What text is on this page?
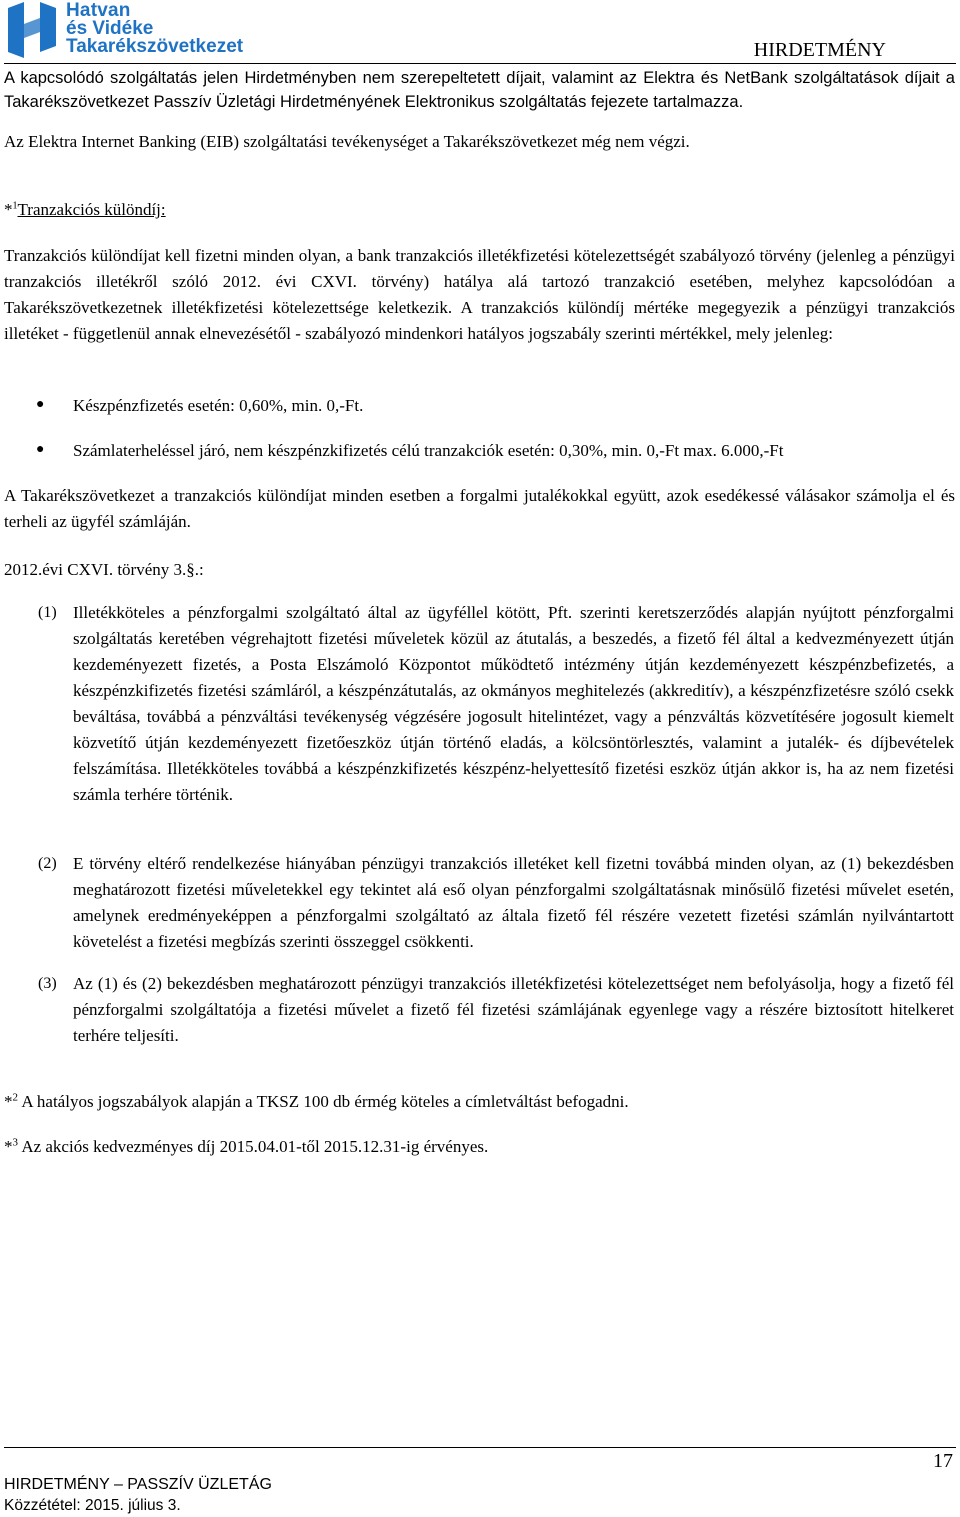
Hatvan
és Vidéke
Takarékszövetkezet	HIRDETMÉNY
A kapcsolódó szolgáltatás jelen Hirdetményben nem szerepeltetett díjait, valamint az Elektra és NetBank szolgáltatások díjait a Takarékszövetkezet Passzív Üzletági Hirdetményének Elektronikus szolgáltatás fejezete tartalmazza.
Az Elektra Internet Banking (EIB) szolgáltatási tevékenységet a Takarékszövetkezet még nem végzi.
*$^1$Tranzakciós különdíj:
Tranzakciós különdíjat kell fizetni minden olyan, a bank tranzakciós illetékfizetési kötelezettségét szabályozó törvény (jelenleg a pénzügyi tranzakciós illetékről szóló 2012. évi CXVI. törvény) hatálya alá tartozó tranzakció esetében, melyhez kapcsolódóan a Takarékszövetkezetnek illetékfizetési kötelezettsége keletkezik. A tranzakciós különdíj mértéke megegyezik a pénzügyi tranzakciós illetéket - függetlenül annak elnevezésétől - szabályozó mindenkori hatályos jogszabály szerinti mértékkel, mely jelenleg:
● Készpénzfizetés esetén: 0,60%, min. 0,-Ft.
● Számlaterheléssel járó, nem készpénzkifizetés célú tranzakciók esetén: 0,30%, min. 0,-Ft max. 6.000,-Ft
A Takarékszövetkezet a tranzakciós különdíjat minden esetben a forgalmi jutalékokkal együtt, azok esedékessé válásakor számolja el és terheli az ügyfél számláján.
2012.évi CXVI. törvény 3.§.:
(1) Illetékköteles a pénzforgalmi szolgáltató által az ügyféllel kötött, Pft. szerinti keretszerződés alapján nyújtott pénzforgalmi szolgáltatás keretében végrehajtott fizetési műveletek közül az átutalás, a beszedés, a fizető fél által a kedvezményezett útján kezdeményezett fizetés, a Posta Elszámoló Központot működtető intézmény útján kezdeményezett készpénzbefizetés, a készpénzkifizetés fizetési számláról, a készpénzátutalás, az okmányos meghitelezés (akkreditív), a készpénzfizetésre szóló csekk beváltása, továbbá a pénzváltási tevékenység végzésére jogosult hitelintézet, vagy a pénzváltás közvetítésére jogosult kiemelt közvetítő útján kezdeményezett fizetőeszköz útján történő eladás, a kölcsöntörlesztés, valamint a jutalék- és díjbevételek felszámítása. Illetékköteles továbbá a készpénzkifizetés készpénz-helyettesítő fizetési eszköz útján akkor is, ha az nem fizetési számla terhére történik.
(2) E törvény eltérő rendelkezése hiányában pénzügyi tranzakciós illetéket kell fizetni továbbá minden olyan, az (1) bekezdésben meghatározott fizetési műveletekkel egy tekintet alá eső olyan pénzforgalmi szolgáltatásnak minősülő fizetési művelet esetén, amelynek eredményeképpen a pénzforgalmi szolgáltató az általa fizető fél részére vezetett fizetési számlán nyilvántartott követelést a fizetési megbízás szerinti összeggel csökkenti.
(3) Az (1) és (2) bekezdésben meghatározott pénzügyi tranzakciós illetékfizetési kötelezettséget nem befolyásolja, hogy a fizető fél pénzforgalmi szolgáltatója a fizetési művelet a fizető fél fizetési számlájának egyenlege vagy a részére biztosított hitelkeret terhére teljesíti.
*$^2$ A hatályos jogszabályok alapján a TKSZ 100 db érmég köteles a címletváltást befogadni.
*$^3$ Az akciós kedvezményes díj 2015.04.01-től 2015.12.31-ig érvényes.
17
HIRDETMÉNY – PASSZÍV ÜZLETÁG
Közzététel: 2015. július 3.
